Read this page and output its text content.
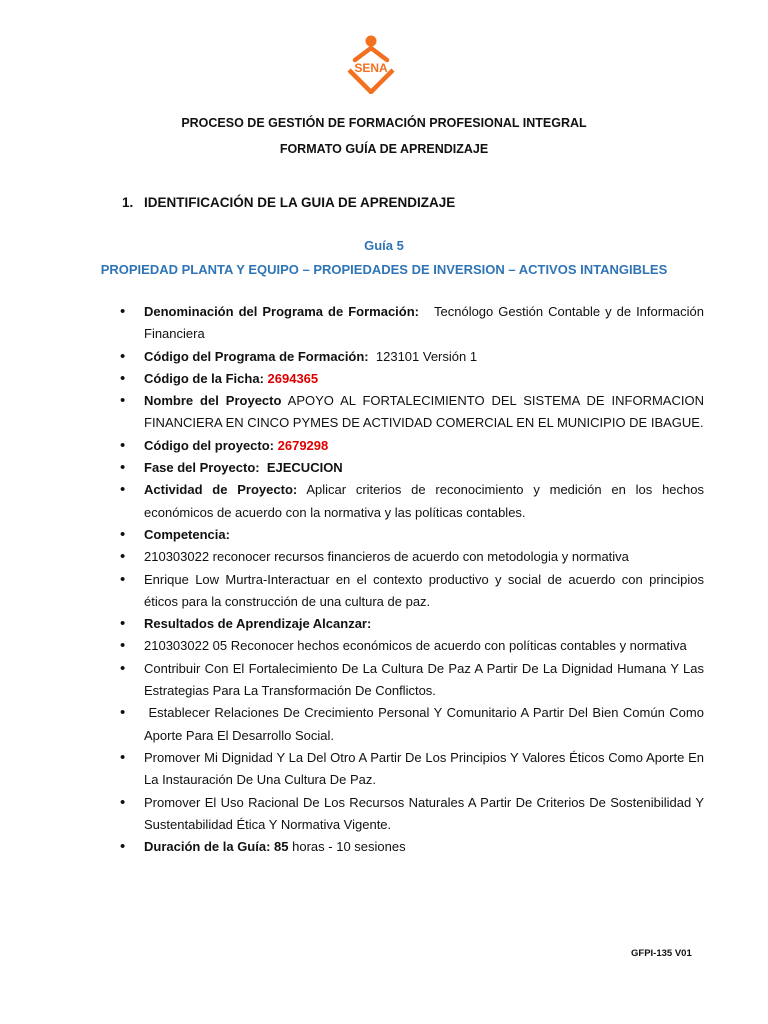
SENA
PROCESO DE GESTIÓN DE FORMACIÓN PROFESIONAL INTEGRAL
FORMATO GUÍA DE APRENDIZAJE
1. IDENTIFICACIÓN DE LA GUIA DE APRENDIZAJE
Guía 5
PROPIEDAD PLANTA Y EQUIPO – PROPIEDADES DE INVERSION – ACTIVOS INTANGIBLES
• Denominación del Programa de Formación: Tecnólogo Gestión Contable y de Información Financiera
• Código del Programa de Formación: 123101 Versión 1
• Código de la Ficha: 2694365
• Nombre del Proyecto APOYO AL FORTALECIMIENTO DEL SISTEMA DE INFORMACION FINANCIERA EN CINCO PYMES DE ACTIVIDAD COMERCIAL EN EL MUNICIPIO DE IBAGUE.
• Código del proyecto: 2679298
• Fase del Proyecto: EJECUCION
• Actividad de Proyecto: Aplicar criterios de reconocimiento y medición en los hechos económicos de acuerdo con la normativa y las políticas contables.
• Competencia:
• 210303022 reconocer recursos financieros de acuerdo con metodologia y normativa
• Enrique Low Murtra-Interactuar en el contexto productivo y social de acuerdo con principios éticos para la construcción de una cultura de paz.
• Resultados de Aprendizaje Alcanzar:
• 210303022 05 Reconocer hechos económicos de acuerdo con políticas contables y normativa
• Contribuir Con El Fortalecimiento De La Cultura De Paz A Partir De La Dignidad Humana Y Las Estrategias Para La Transformación De Conflictos.
• Establecer Relaciones De Crecimiento Personal Y Comunitario A Partir Del Bien Común Como Aporte Para El Desarrollo Social.
• Promover Mi Dignidad Y La Del Otro A Partir De Los Principios Y Valores Éticos Como Aporte En La Instauración De Una Cultura De Paz.
• Promover El Uso Racional De Los Recursos Naturales A Partir De Criterios De Sostenibilidad Y Sustentabilidad Ética Y Normativa Vigente.
• Duración de la Guía: 85 horas - 10 sesiones
GFPI-135 V01
